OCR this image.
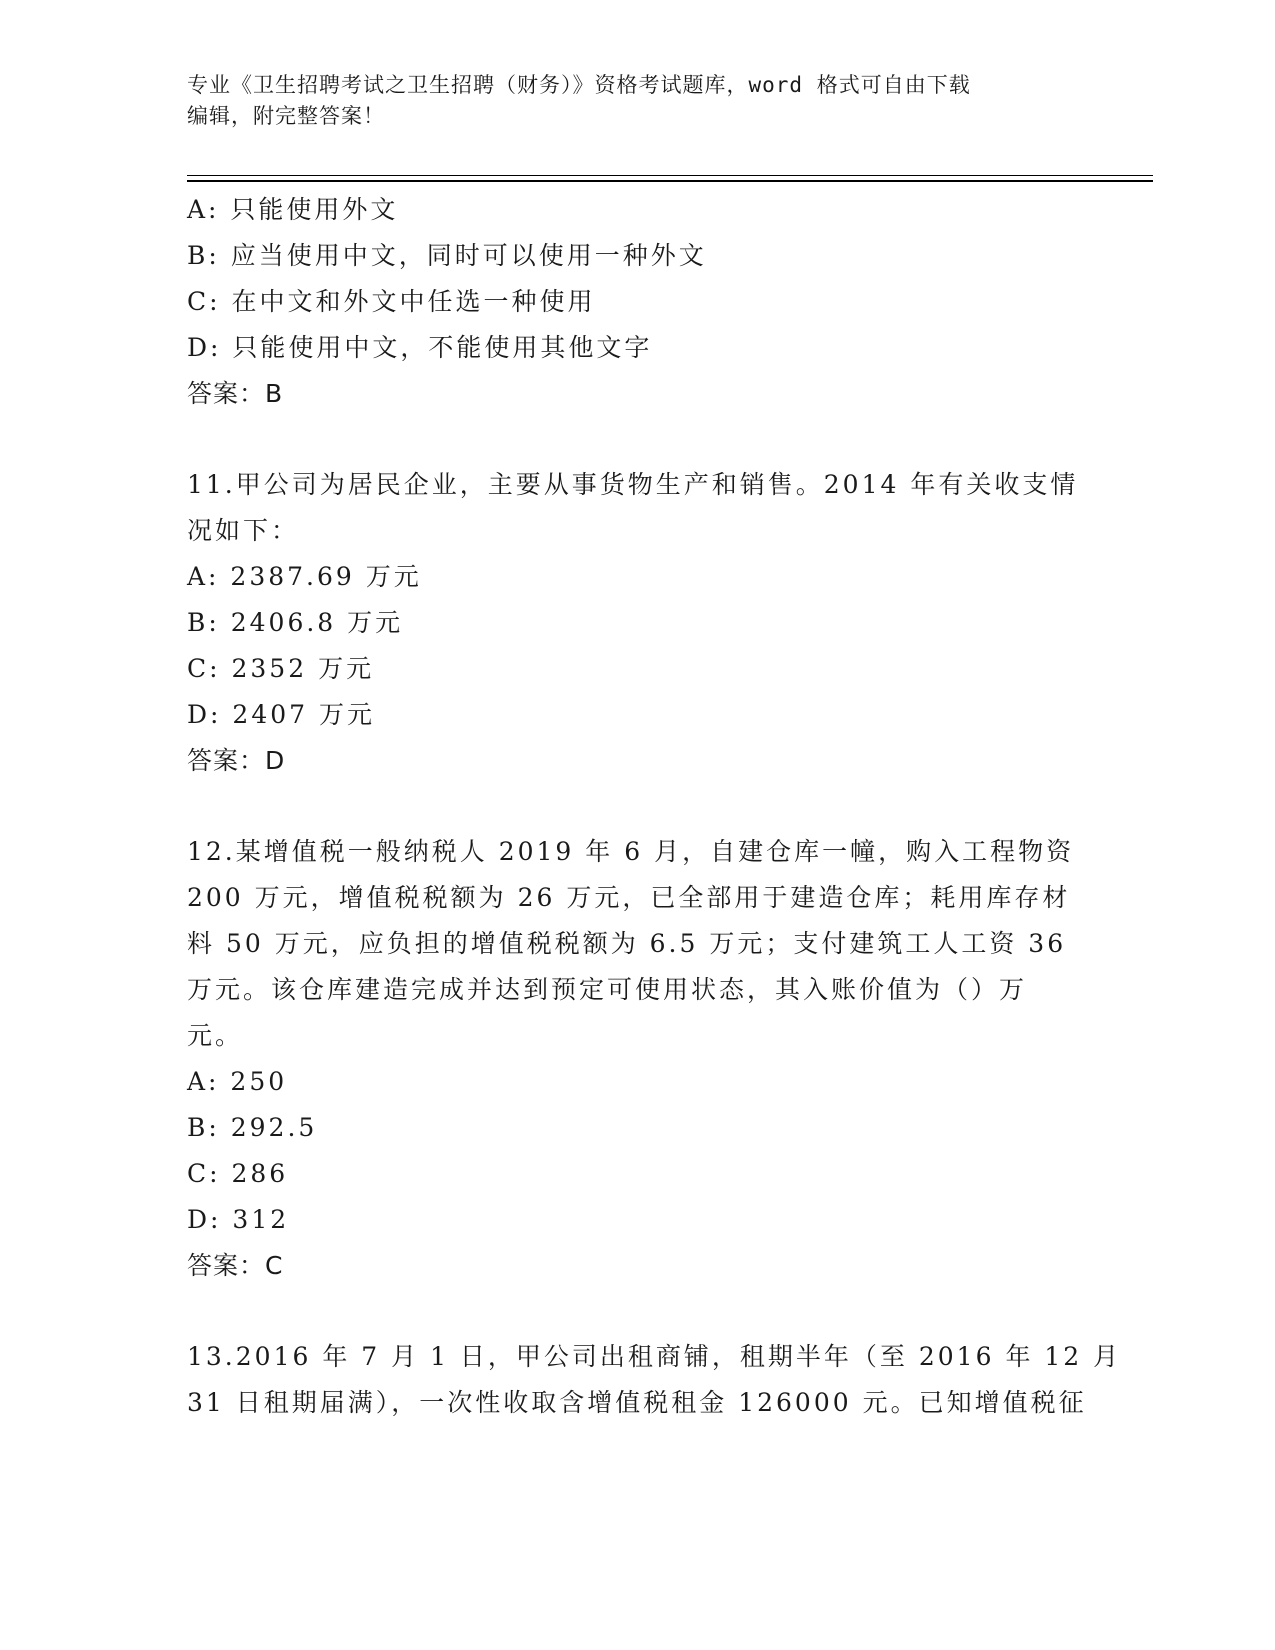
专业《卫生招聘考试之卫生招聘（财务）》资格考试题库，word 格式可自由下载
编辑，附完整答案！
A: 只能使用外文
B: 应当使用中文，同时可以使用一种外文
C: 在中文和外文中任选一种使用
D: 只能使用中文，不能使用其他文字
答案：B
11.甲公司为居民企业，主要从事货物生产和销售。2014 年有关收支情
况如下：
A: 2387.69 万元
B: 2406.8 万元
C: 2352 万元
D: 2407 万元
答案：D
12.某增值税一般纳税人 2019 年 6 月，自建仓库一幢，购入工程物资
200 万元，增值税税额为 26 万元，已全部用于建造仓库；耗用库存材
料 50 万元，应负担的增值税税额为 6.5 万元；支付建筑工人工资 36
万元。该仓库建造完成并达到预定可使用状态，其入账价值为（）万
元。
A: 250
B: 292.5
C: 286
D: 312
答案：C
13.2016 年 7 月 1 日，甲公司出租商铺，租期半年（至 2016 年 12 月
31 日租期届满），一次性收取含增值税租金 126000 元。已知增值税征
